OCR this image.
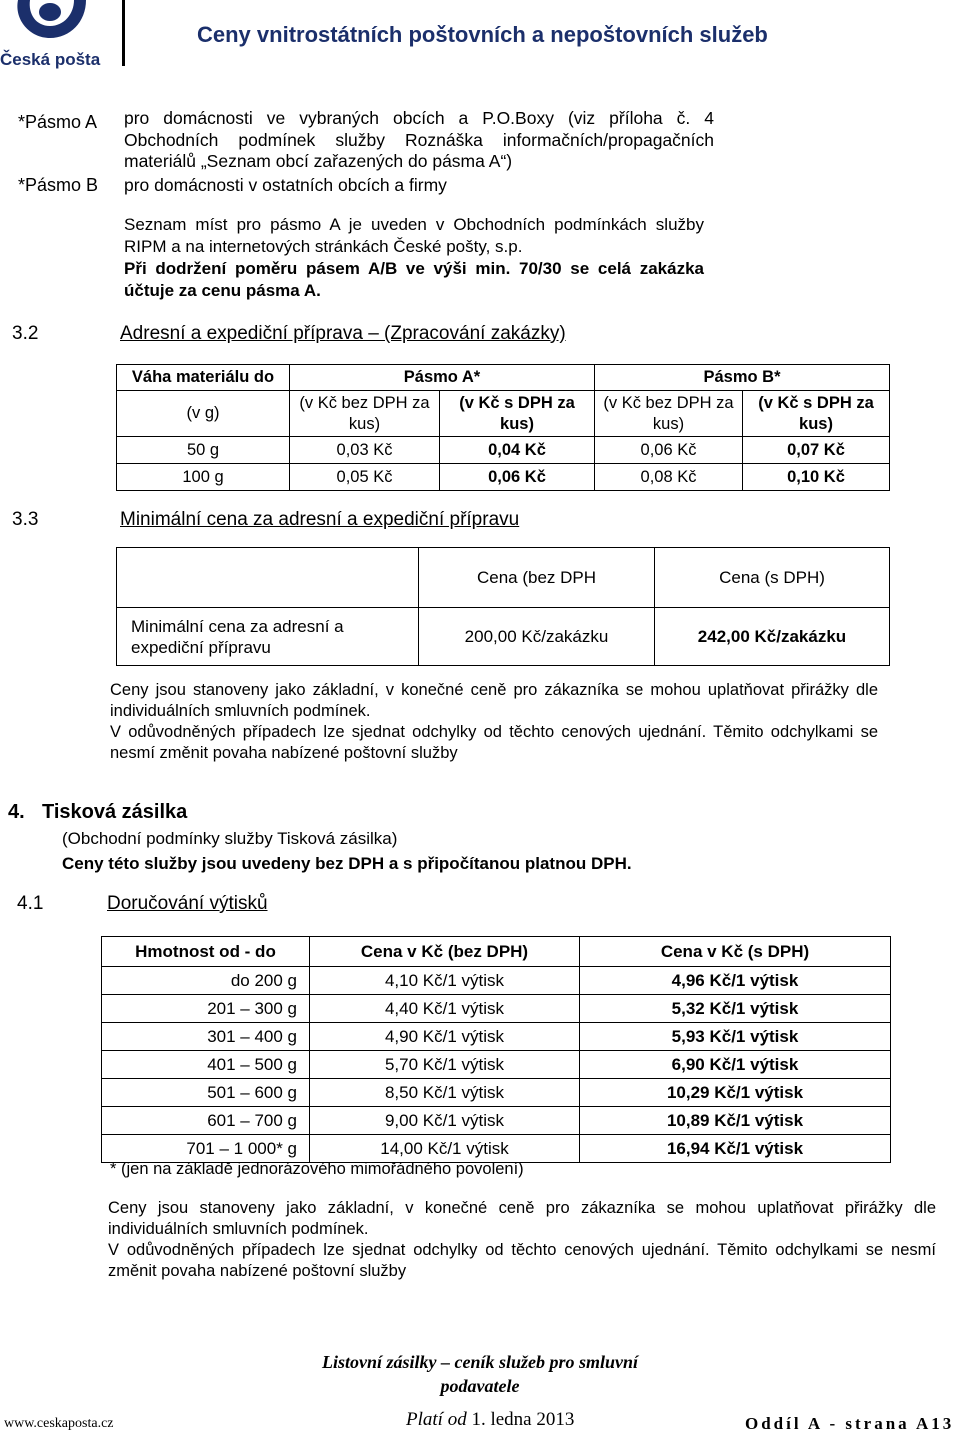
Česká pošta
Ceny vnitrostátních poštovních a nepoštovních služeb
*Pásmo A pro domácnosti ve vybraných obcích a P.O.Boxy (viz příloha č. 4 Obchodních podmínek služby Roznáška informačních/propagačních materiálů „Seznam obcí zařazených do pásma A“)
*Pásmo B pro domácnosti v ostatních obcích a firmy
Seznam míst pro pásmo A je uveden v Obchodních podmínkách služby RIPM a na internetových stránkách České pošty, s.p.
Při dodržení poměru pásem A/B ve výši min. 70/30 se celá zakázka účtuje za cenu pásma A.
3.2	Adresní a expediční příprava – (Zpracování zakázky)
Váha materiálu do	Pásmo A*		Pásmo B*	
(v g)	(v Kč bez DPH za kus)	(v Kč s DPH za kus)	(v Kč bez DPH za kus)	(v Kč s DPH za kus)
50 g	0,03 Kč	0,04 Kč	0,06 Kč	0,07 Kč
100 g	0,05 Kč	0,06 Kč	0,08 Kč	0,10 Kč
3.3	Minimální cena za adresní a expediční přípravu
	Cena (bez DPH	Cena (s DPH)
Minimální cena za adresní a expediční přípravu	200,00 Kč/zakázku	242,00 Kč/zakázku
Ceny jsou stanoveny jako základní, v konečné ceně pro zákazníka se mohou uplatňovat přirážky dle individuálních smluvních podmínek.
V odůvodněných případech lze sjednat odchylky od těchto cenových ujednání. Těmito odchylkami se nesmí změnit povaha nabízené poštovní služby
4. Tisková zásilka
(Obchodní podmínky služby Tisková zásilka)
Ceny této služby jsou uvedeny bez DPH a s připočítanou platnou DPH.
4.1	Doručování výtisků
Hmotnost od - do	Cena v Kč (bez DPH)	Cena v Kč (s DPH)
do 200 g	4,10 Kč/1 výtisk	4,96 Kč/1 výtisk
201 – 300 g	4,40 Kč/1 výtisk	5,32 Kč/1 výtisk
301 – 400 g	4,90 Kč/1 výtisk	5,93 Kč/1 výtisk
401 – 500 g	5,70 Kč/1 výtisk	6,90 Kč/1 výtisk
501 – 600 g	8,50 Kč/1 výtisk	10,29 Kč/1 výtisk
601 – 700 g	9,00 Kč/1 výtisk	10,89 Kč/1 výtisk
701 – 1 000* g	14,00 Kč/1 výtisk	16,94 Kč/1 výtisk
* (jen na základě jednorázového mimořádného povolení)
Ceny jsou stanoveny jako základní, v konečné ceně pro zákazníka se mohou uplatňovat přirážky dle individuálních smluvních podmínek.
V odůvodněných případech lze sjednat odchylky od těchto cenových ujednání. Těmito odchylkami se nesmí změnit povaha nabízené poštovní služby
Listovní zásilky – ceník služeb pro smluvní podavatele
www.ceskaposta.cz	Platí od 1. ledna 2013	Oddíl A - strana A13
